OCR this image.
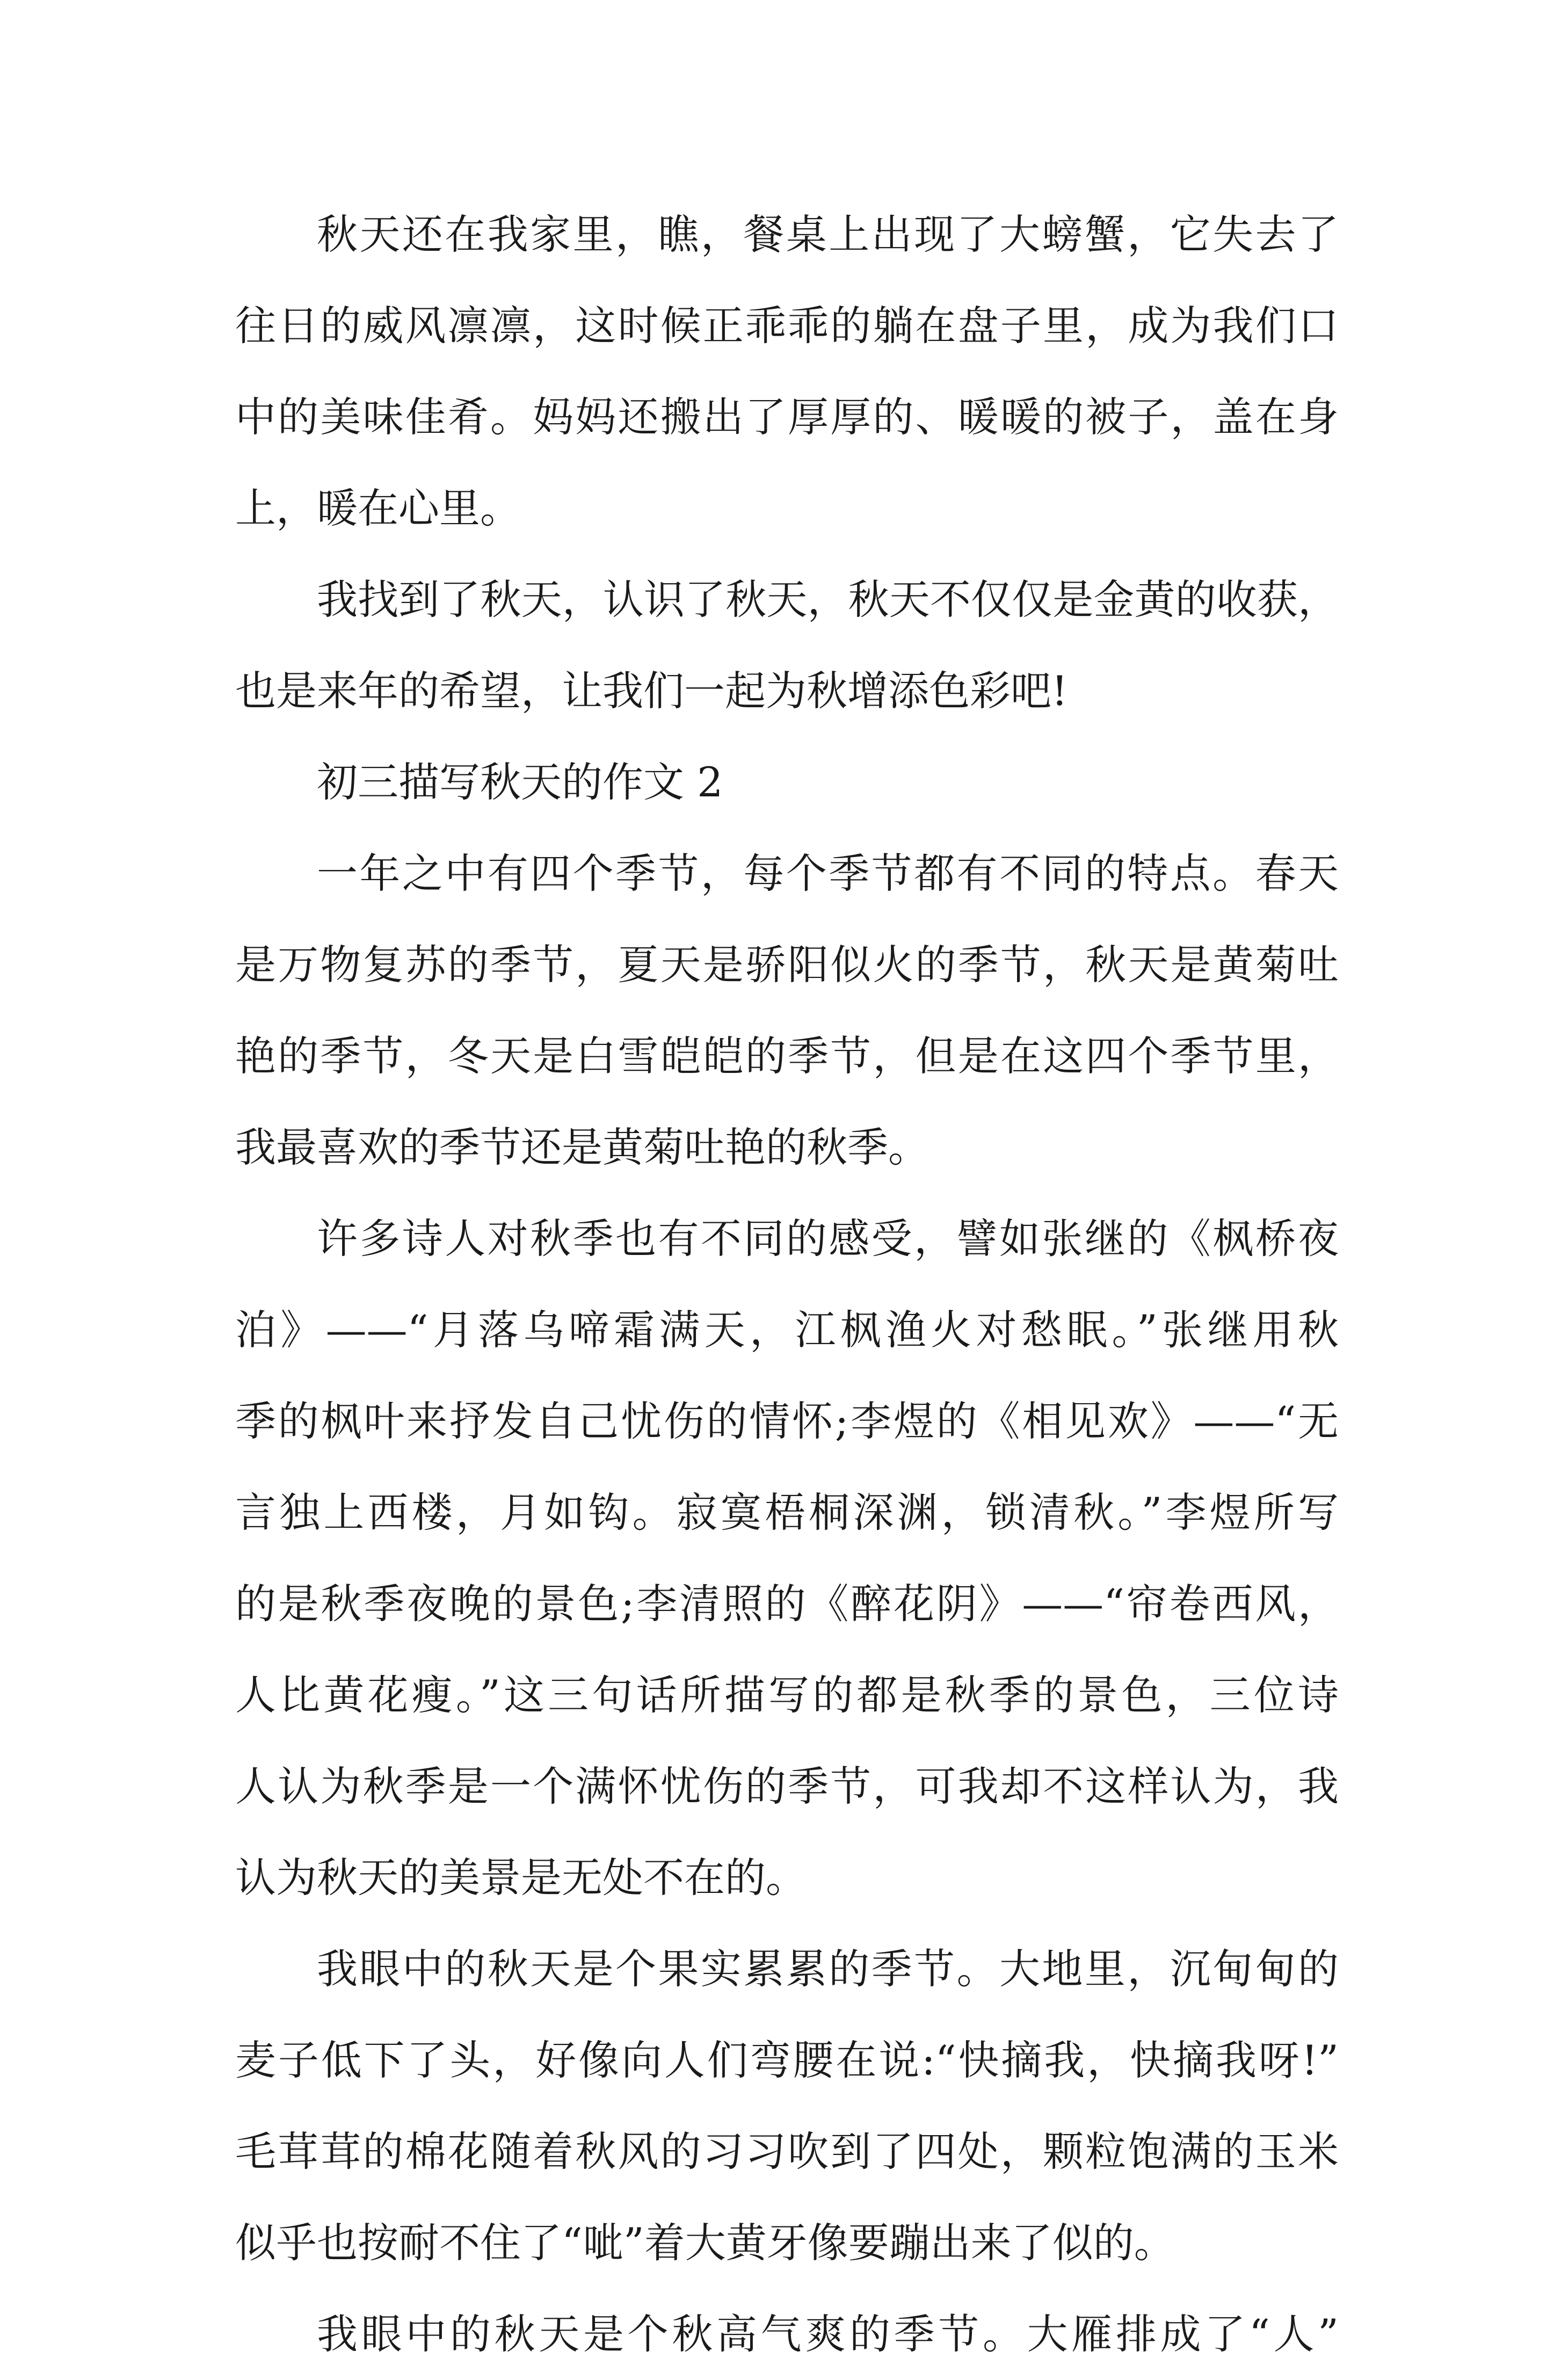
秋天还在我家里，瞧，餐桌上出现了大螃蟹，它失去了
往日的威风凛凛，这时候正乖乖的躺在盘子里，成为我们口
中的美味佳肴。妈妈还搬出了厚厚的、暖暖的被子，盖在身
上，暖在心里。
我找到了秋天，认识了秋天，秋天不仅仅是金黄的收获，
也是来年的希望，让我们一起为秋增添色彩吧!
初三描写秋天的作文 2
一年之中有四个季节，每个季节都有不同的特点。春天
是万物复苏的季节，夏天是骄阳似火的季节，秋天是黄菊吐
艳的季节，冬天是白雪皑皑的季节，但是在这四个季节里，
我最喜欢的季节还是黄菊吐艳的秋季。
许多诗人对秋季也有不同的感受，譬如张继的《枫桥夜
泊》——“月落乌啼霜满天，江枫渔火对愁眠。”张继用秋
季的枫叶来抒发自己忧伤的情怀;李煜的《相见欢》——“无
言独上西楼，月如钩。寂寞梧桐深渊，锁清秋。”李煜所写
的是秋季夜晚的景色;李清照的《醉花阴》——“帘卷西风，
人比黄花瘦。”这三句话所描写的都是秋季的景色，三位诗
人认为秋季是一个满怀忧伤的季节，可我却不这样认为，我
认为秋天的美景是无处不在的。
我眼中的秋天是个果实累累的季节。大地里，沉甸甸的
麦子低下了头，好像向人们弯腰在说:“快摘我，快摘我呀!”
毛茸茸的棉花随着秋风的习习吹到了四处，颗粒饱满的玉米
似乎也按耐不住了“呲”着大黄牙像要蹦出来了似的。
我眼中的秋天是个秋高气爽的季节。大雁排成了“人”
